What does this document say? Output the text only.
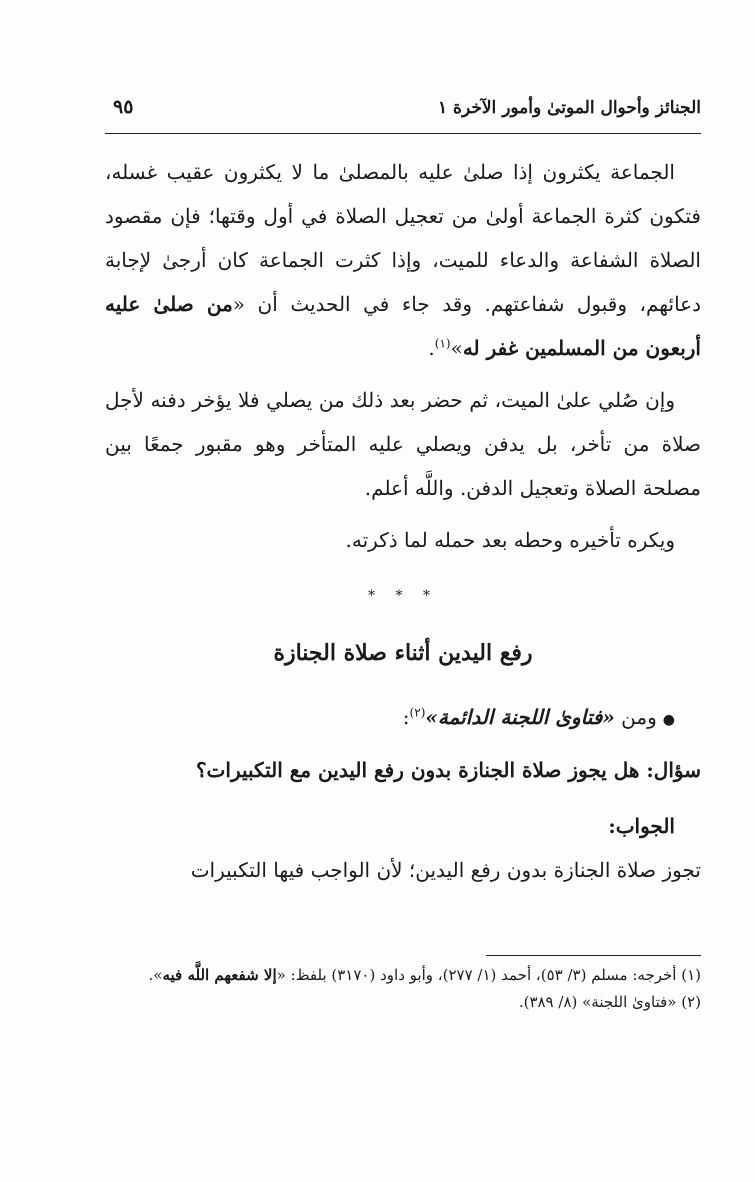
الجنائز وأحوال الموتىٰ وأمور الآخرة ١
٩٥

الجماعة يكثرون إذا صلىٰ عليه بالمصلىٰ ما لا يكثرون عقيب غسله، فتكون كثرة الجماعة أولىٰ من تعجيل الصلاة في أول وقتها؛ فإن مقصود الصلاة الشفاعة والدعاء للميت، وإذا كثرت الجماعة كان أرجىٰ لإجابة دعائهم، وقبول شفاعتهم. وقد جاء في الحديث أن «من صلىٰ عليه أربعون من المسلمين غفر له»$^{(١)}$.

وإن صُلي علىٰ الميت، ثم حضر بعد ذلك من يصلي فلا يؤخر دفنه لأجل صلاة من تأخر، بل يدفن ويصلي عليه المتأخر وهو مقبور جمعًا بين مصلحة الصلاة وتعجيل الدفن. واللَّه أعلم.

ويكره تأخيره وحطه بعد حمله لما ذكرته.

* * *
رفع اليدين أثناء صلاة الجنازة

●ومن «فتاوىٰ اللجنة الدائمة»$^{(٢)}$:

سؤال: هل يجوز صلاة الجنازة بدون رفع اليدين مع التكبيرات؟

الجواب:

تجوز صلاة الجنازة بدون رفع اليدين؛ لأن الواجب فيها التكبيرات

(١) أخرجه: مسلم (٣/ ٥٣)، أحمد (١/ ٢٧٧)، وأبو داود (٣١٧٠) بلفظ: «إلا شفعهم اللَّه فيه».

(٢) «فتاوىٰ اللجنة» (٨/ ٣٨٩).
